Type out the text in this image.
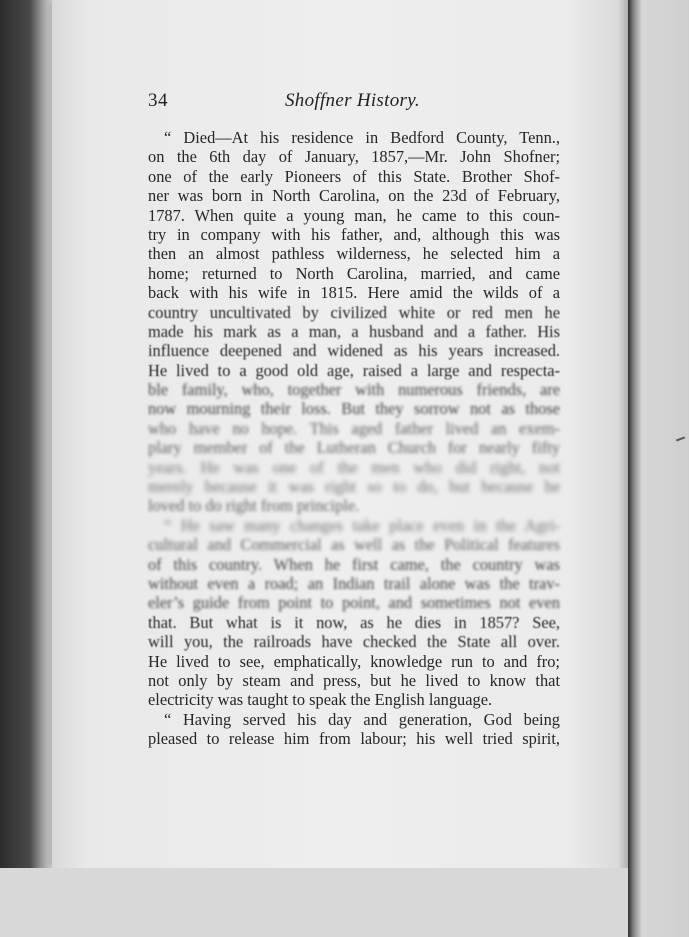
34	Shoffner History.
“ Died—At his residence in Bedford County, Tenn.,
on the 6th day of January, 1857,—Mr. John Shofner;
one of the early Pioneers of this State. Brother Shof-
ner was born in North Carolina, on the 23d of February,
1787. When quite a young man, he came to this coun-
try in company with his father, and, although this was
then an almost pathless wilderness, he selected him a
home; returned to North Carolina, married, and came
back with his wife in 1815. Here amid the wilds of a
country uncultivated by civilized white or red men he
made his mark as a man, a husband and a father. His
influence deepened and widened as his years increased.
He lived to a good old age, raised a large and respecta-
ble family, who, together with numerous friends, are
now mourning their loss. But they sorrow not as those
who have no hope. This aged father lived an exem-
plary member of the Lutheran Church for nearly fifty
years. He was one of the men who did right, not
merely because it was right so to do, but because he
loved to do right from principle.
“ He saw many changes take place even in the Agri-
cultural and Commercial as well as the Political features
of this country. When he first came, the country was
without even a road; an Indian trail alone was the trav-
eler’s guide from point to point, and sometimes not even
that. But what is it now, as he dies in 1857? See,
will you, the railroads have checked the State all over.
He lived to see, emphatically, knowledge run to and fro;
not only by steam and press, but he lived to know that
electricity was taught to speak the English language.
“ Having served his day and generation, God being
pleased to release him from labour; his well tried spirit,
